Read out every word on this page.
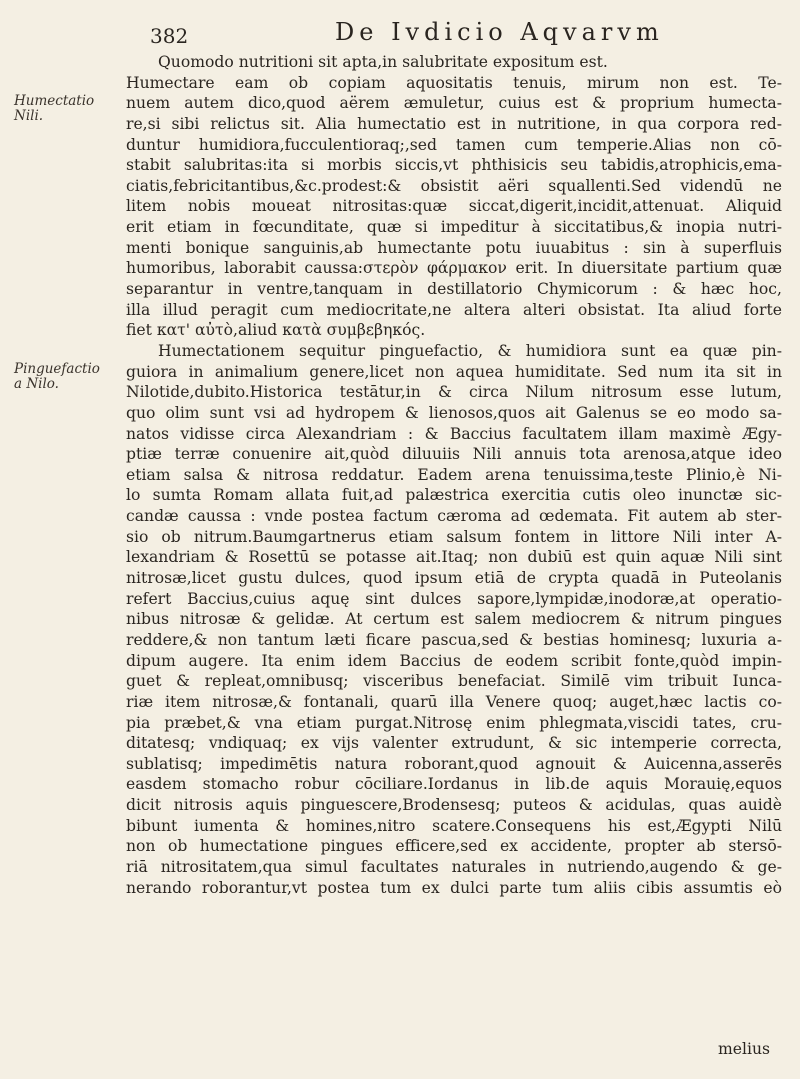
382	De Ivdicio Aqvarvm
Humectatio Nili.
Pinguefactio a Nilo.
Quomodo nutritioni sit apta,in salubritate expositum est.
Humectare eam ob copiam aquositatis tenuis, mirum non est. Te-
nuem autem dico,quod aërem æmuletur, cuius est & proprium humecta-
re,si sibi relictus sit. Alia humectatio est in nutritione, in qua corpora red-
duntur humidiora,fucculentioraq;,sed tamen cum temperie.Alias non cō-
stabit salubritas:ita si morbis siccis,vt phthisicis seu tabidis,atrophicis,ema-
ciatis,febricitantibus,&c.prodest:& obsistit aëri squallenti.Sed videndū ne
litem nobis moueat nitrositas:quæ siccat,digerit,incidit,attenuat. Aliquid
erit etiam in fœcunditate, quæ si impeditur à siccitatibus,& inopia nutri-
menti bonique sanguinis,ab humectante potu iuuabitus : sin à superfluis
humoribus, laborabit caussa:στερὸν φάρμακον erit. In diuersitate partium quæ
separantur in ventre,tanquam in destillatorio Chymicorum : & hæc hoc,
illa illud peragit cum mediocritate,ne altera alteri obsistat. Ita aliud forte
fiet κατ' αὐτὸ,aliud κατὰ συμβεβηκός.
Humectationem sequitur pinguefactio, & humidiora sunt ea quæ pin-
guiora in animalium genere,licet non aquea humiditate. Sed num ita sit in
Nilotide,dubito.Historica testātur,in & circa Nilum nitrosum esse lutum,
quo olim sunt vsi ad hydropem & lienosos,quos ait Galenus se eo modo sa-
natos vidisse circa Alexandriam : & Baccius facultatem illam maximè Ægy-
ptiæ terræ conuenire ait,quòd diluuiis Nili annuis tota arenosa,atque ideo
etiam salsa & nitrosa reddatur. Eadem arena tenuissima,teste Plinio,è Ni-
lo sumta Romam allata fuit,ad palæstrica exercitia cutis oleo inunctæ sic-
candæ caussa : vnde postea factum cæroma ad œdemata. Fit autem ab ster-
sio ob nitrum.Baumgartnerus etiam salsum fontem in littore Nili inter A-
lexandriam & Rosettū se potasse ait.Itaq; non dubiū est quin aquæ Nili sint
nitrosæ,licet gustu dulces, quod ipsum etiā de crypta quadā in Puteolanis
refert Baccius,cuius aquę sint dulces sapore,lympidæ,inodoræ,at operatio-
nibus nitrosæ & gelidæ. At certum est salem mediocrem & nitrum pingues
reddere,& non tantum læti ficare pascua,sed & bestias hominesq; luxuria a-
dipum augere. Ita enim idem Baccius de eodem scribit fonte,quòd impin-
guet & repleat,omnibusq; visceribus benefaciat. Similē vim tribuit Iunca-
riæ item nitrosæ,& fontanali, quarū illa Venere quoq; auget,hæc lactis co-
pia præbet,& vna etiam purgat.Nitrosę enim phlegmata,viscidi tates, cru-
ditatesq; vndiquaq; ex vijs valenter extrudunt, & sic intemperie correcta,
sublatisq; impedimētis natura roborant,quod agnouit & Auicenna,asserēs
easdem stomacho robur cōciliare.Iordanus in lib.de aquis Morauię,equos
dicit nitrosis aquis pinguescere,Brodensesq; puteos & acidulas, quas auidè
bibunt iumenta & homines,nitro scatere.Consequens his est,Ægypti Nilū
non ob humectatione pingues efficere,sed ex accidente, propter ab stersō-
riā nitrositatem,qua simul facultates naturales in nutriendo,augendo & ge-
nerando roborantur,vt postea tum ex dulci parte tum aliis cibis assumtis eò
melius
